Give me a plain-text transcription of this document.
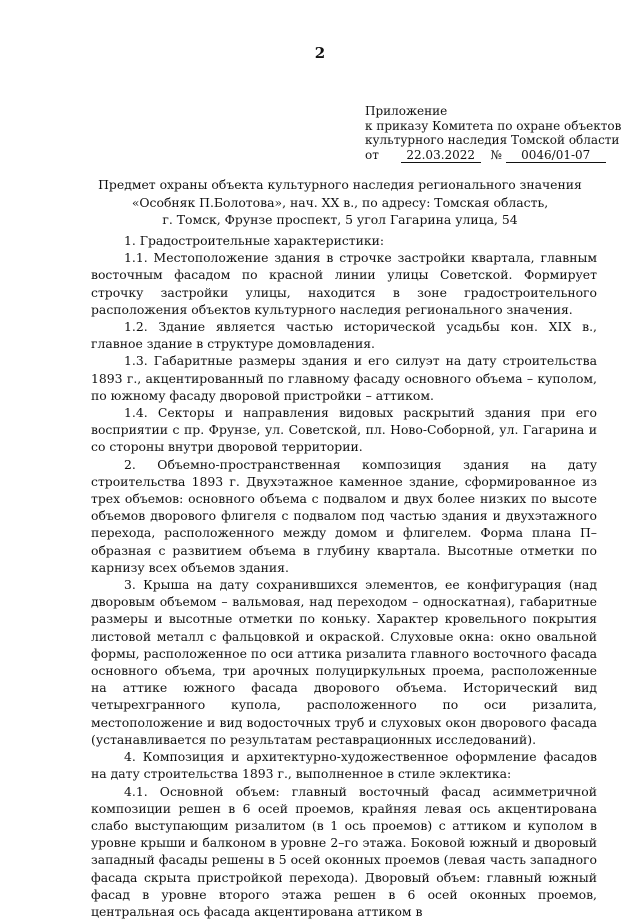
2
Приложение
к приказу Комитета по охране объектов
культурного наследия Томской области
от 22.03.2022 № 0046/01-07
Предмет охраны объекта культурного наследия регионального значения
«Особняк П.Болотова», нач. XX в., по адресу: Томская область,
г. Томск, Фрунзе проспект, 5 угол Гагарина улица, 54

1. Градостроительные характеристики:

1.1. Местоположение здания в строчке застройки квартала, главным восточным фасадом по красной линии улицы Советской. Формирует строчку застройки улицы, находится в зоне градостроительного расположения объектов культурного наследия регионального значения.

1.2. Здание является частью исторической усадьбы кон. XIX в., главное здание в структуре домовладения.

1.3. Габаритные размеры здания и его силуэт на дату строительства 1893 г., акцентированный по главному фасаду основного объема – куполом, по южному фасаду дворовой пристройки – аттиком.

1.4. Секторы и направления видовых раскрытий здания при его восприятии с пр. Фрунзе, ул. Советской, пл. Ново-Соборной, ул. Гагарина и со стороны внутри дворовой территории.

2. Объемно-пространственная композиция здания на дату строительства 1893 г. Двухэтажное каменное здание, сформированное из трех объемов: основного объема с подвалом и двух более низких по высоте объемов дворового флигеля с подвалом под частью здания и двухэтажного перехода, расположенного между домом и флигелем. Форма плана П–образная с развитием объема в глубину квартала. Высотные отметки по карнизу всех объемов здания.

3. Крыша на дату сохранившихся элементов, ее конфигурация (над дворовым объемом – вальмовая, над переходом – односкатная), габаритные размеры и высотные отметки по коньку. Характер кровельного покрытия листовой металл с фальцовкой и окраской. Слуховые окна: окно овальной формы, расположенное по оси аттика ризалита главного восточного фасада основного объема, три арочных полуциркульных проема, расположенные на аттике южного фасада дворового объема. Исторический вид четырехгранного купола, расположенного по оси ризалита, местоположение и вид водосточных труб и слуховых окон дворового фасада (устанавливается по результатам реставрационных исследований).

4. Композиция и архитектурно-художественное оформление фасадов на дату строительства 1893 г., выполненное в стиле эклектика:

4.1. Основной объем: главный восточный фасад асимметричной композиции решен в 6 осей проемов, крайняя левая ось акцентирована слабо выступающим ризалитом (в 1 ось проемов) с аттиком и куполом в уровне крыши и балконом в уровне 2–го этажа. Боковой южный и дворовый западный фасады решены в 5 осей оконных проемов (левая часть западного фасада скрыта пристройкой перехода). Дворовый объем: главный южный фасад в уровне второго этажа решен в 6 осей оконных проемов, центральная ось фасада акцентирована аттиком в
